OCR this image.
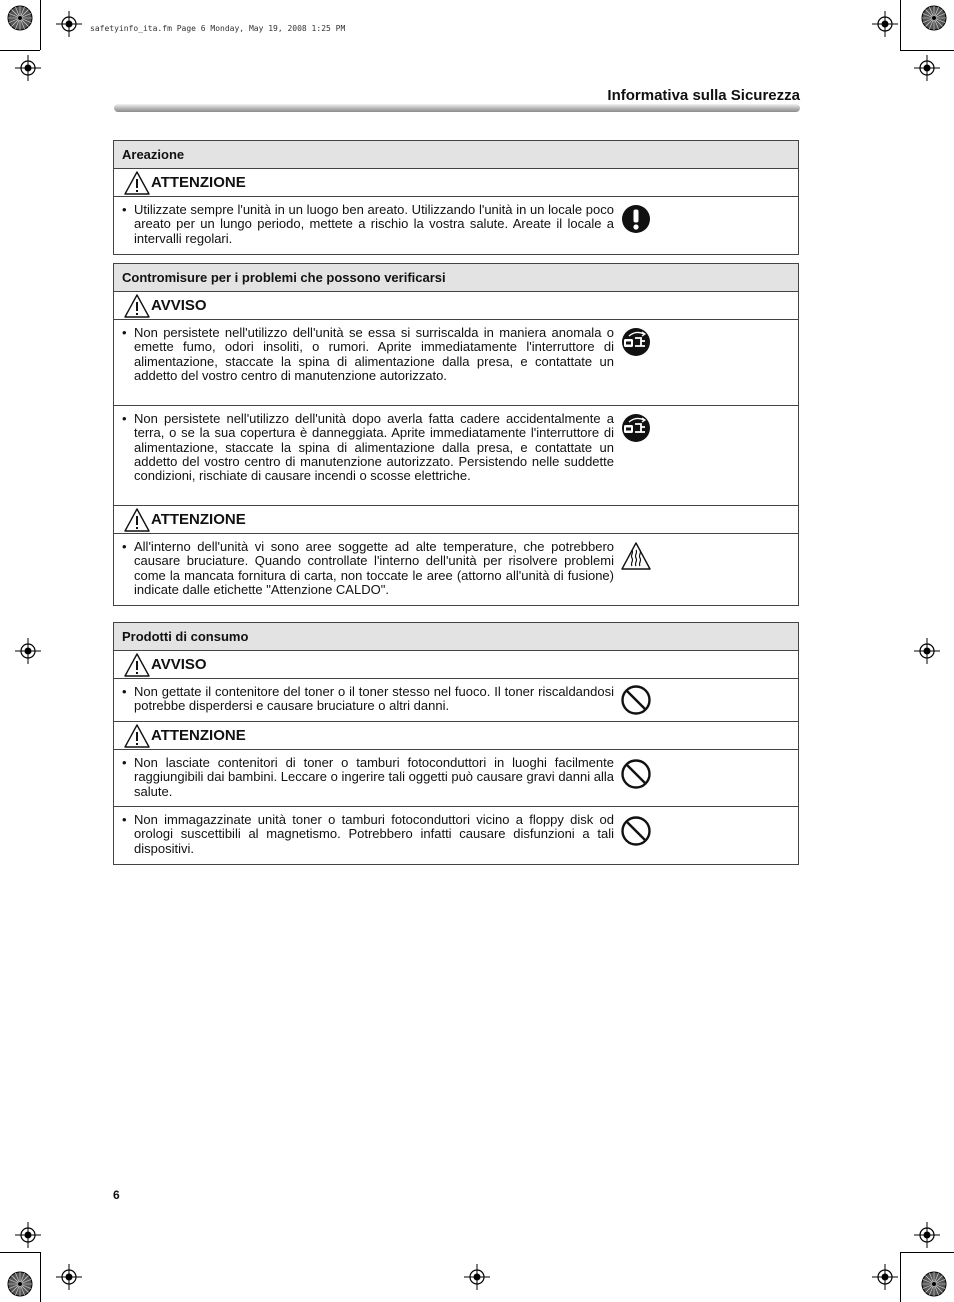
safetyinfo_ita.fm Page 6 Monday, May 19, 2008 1:25 PM
Informativa sulla Sicurezza
Areazione
ATTENZIONE
• Utilizzate sempre l'unità in un luogo ben areato. Utilizzando l'unità in un locale poco areato per un lungo periodo, mettete a rischio la vostra salute. Areate il locale a intervalli regolari.
Contromisure per i problemi che possono verificarsi
AVVISO
• Non persistete nell'utilizzo dell'unità se essa si surriscalda in maniera anomala o emette fumo, odori insoliti, o rumori. Aprite immediatamente l'interruttore di alimentazione, staccate la spina di alimentazione dalla presa, e contattate un addetto del vostro centro di manutenzione autorizzato.
• Non persistete nell'utilizzo dell'unità dopo averla fatta cadere accidentalmente a terra, o se la sua copertura è danneggiata. Aprite immediatamente l'interruttore di alimentazione, staccate la spina di alimentazione dalla presa, e contattate un addetto del vostro centro di manutenzione autorizzato. Persistendo nelle suddette condizioni, rischiate di causare incendi o scosse elettriche.
ATTENZIONE
• All'interno dell'unità vi sono aree soggette ad alte temperature, che potrebbero causare bruciature. Quando controllate l'interno dell'unità per risolvere problemi come la mancata fornitura di carta, non toccate le aree (attorno all'unità di fusione) indicate dalle etichette "Attenzione CALDO".
Prodotti di consumo
AVVISO
• Non gettate il contenitore del toner o il toner stesso nel fuoco. Il toner riscaldandosi potrebbe disperdersi e causare bruciature o altri danni.
ATTENZIONE
• Non lasciate contenitori di toner o tamburi fotoconduttori in luoghi facilmente raggiungibili dai bambini. Leccare o ingerire tali oggetti può causare gravi danni alla salute.
• Non immagazzinate unità toner o tamburi fotoconduttori vicino a floppy disk od orologi suscettibili al magnetismo. Potrebbero infatti causare disfunzioni a tali dispositivi.
6
